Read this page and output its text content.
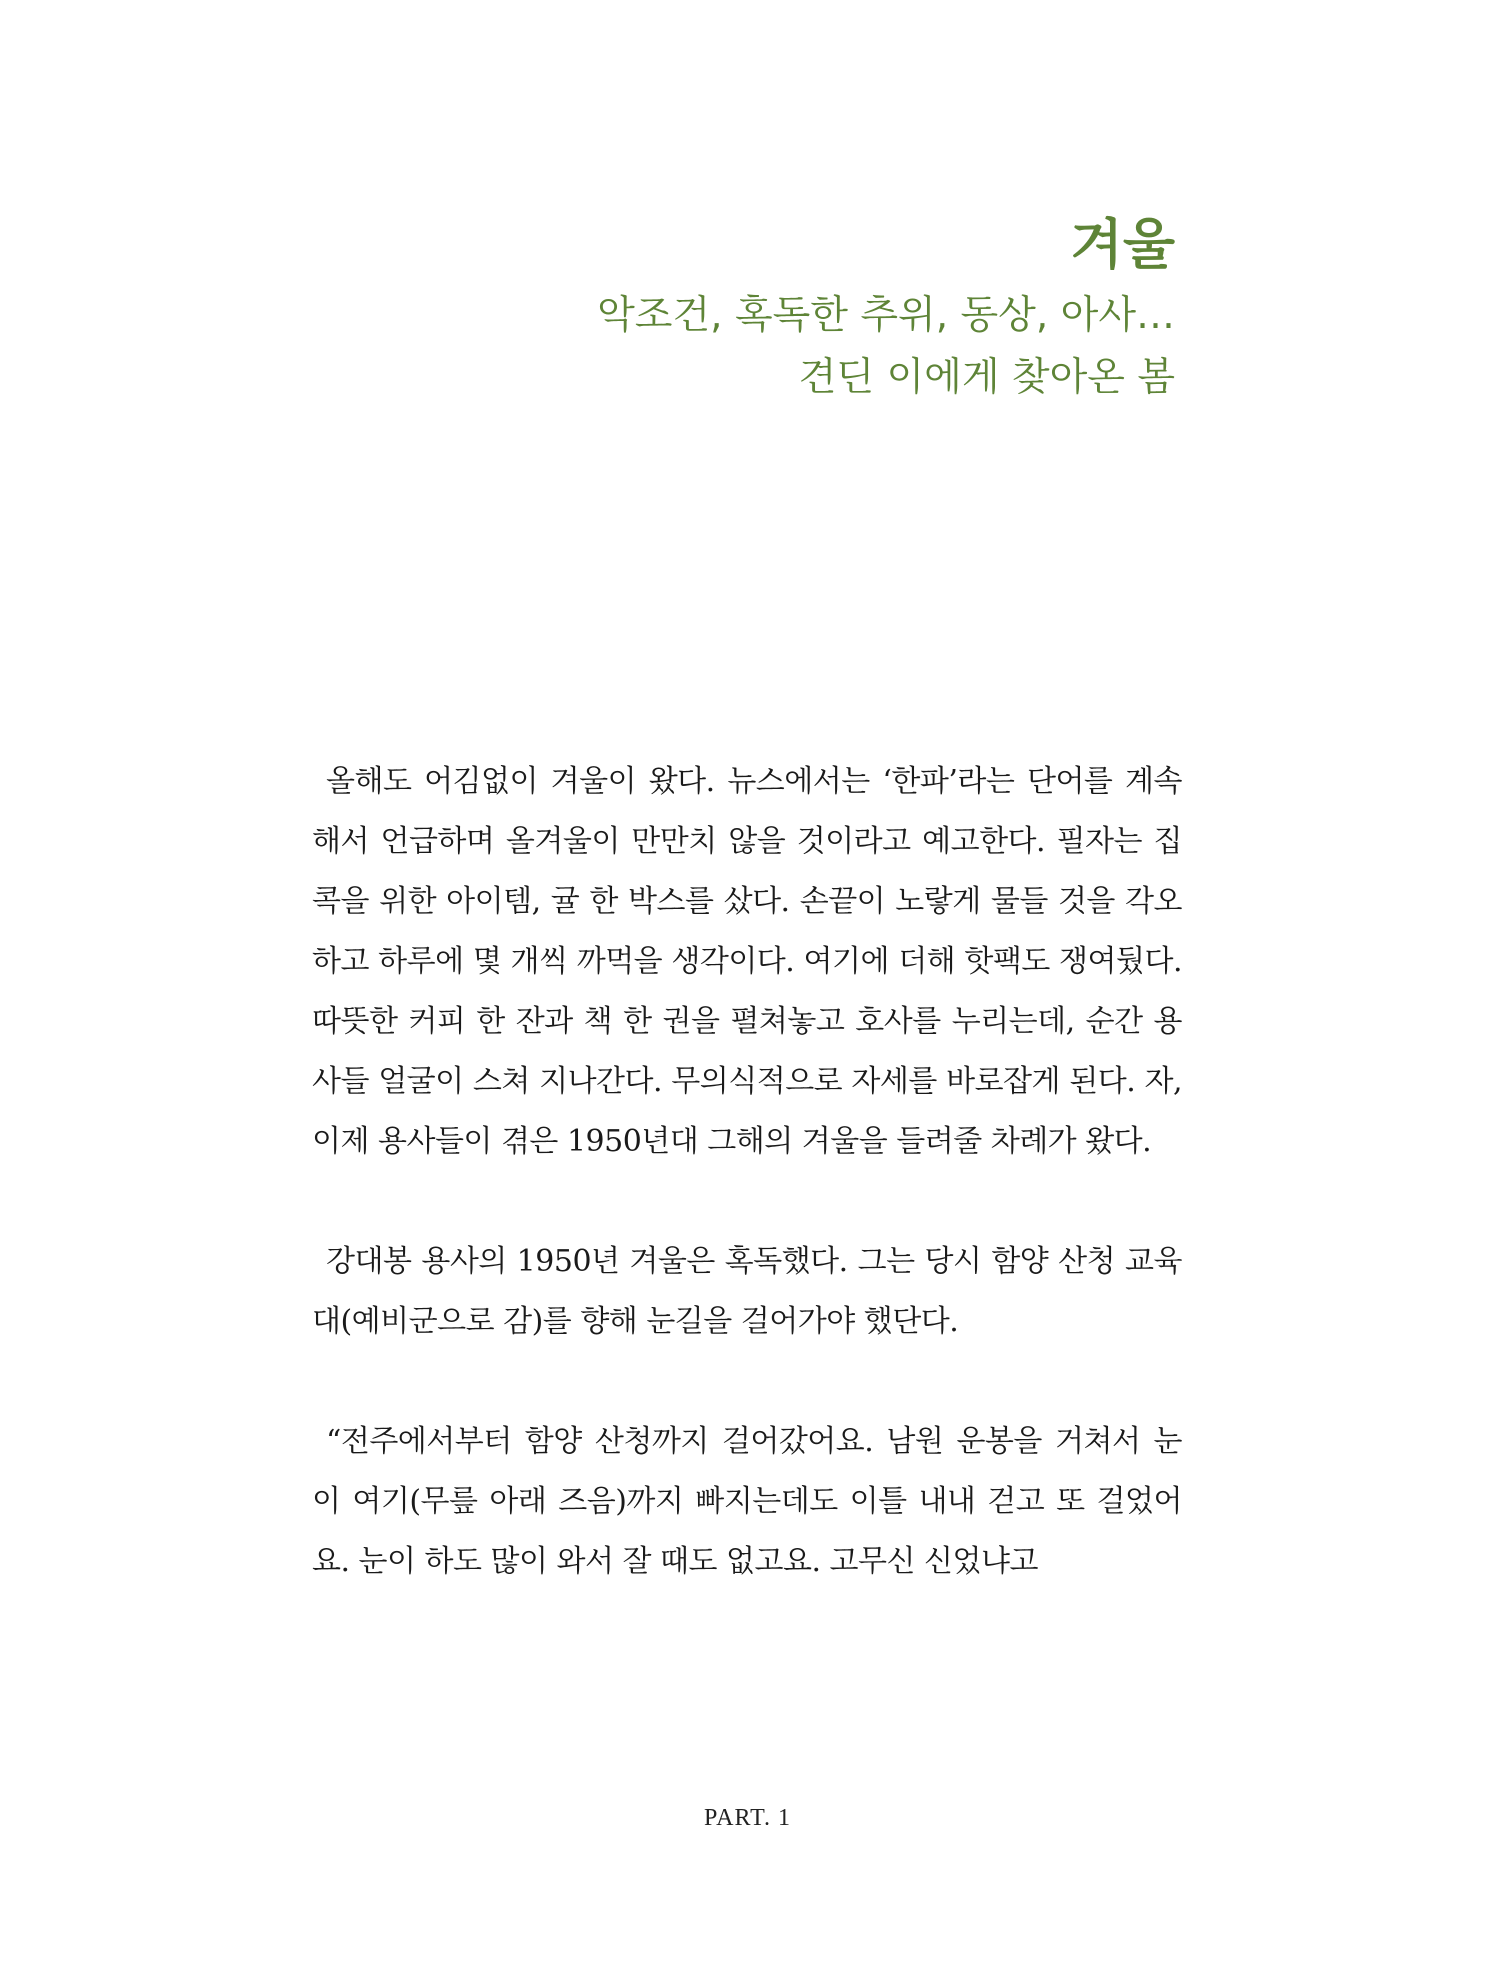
겨울

악조건, 혹독한 추위, 동상, 아사…

견딘 이에게 찾아온 봄

올해도 어김없이 겨울이 왔다. 뉴스에서는 ‘한파’라는 단어를 계속해서 언급하며 올겨울이 만만치 않을 것이라고 예고한다. 필자는 집콕을 위한 아이템, 귤 한 박스를 샀다. 손끝이 노랗게 물들 것을 각오하고 하루에 몇 개씩 까먹을 생각이다. 여기에 더해 핫팩도 쟁여뒀다. 따뜻한 커피 한 잔과 책 한 권을 펼쳐놓고 호사를 누리는데, 순간 용사들 얼굴이 스쳐 지나간다. 무의식적으로 자세를 바로잡게 된다. 자, 이제 용사들이 겪은 1950년대 그해의 겨울을 들려줄 차례가 왔다.

강대봉 용사의 1950년 겨울은 혹독했다. 그는 당시 함양 산청 교육대(예비군으로 감)를 향해 눈길을 걸어가야 했단다.

“전주에서부터 함양 산청까지 걸어갔어요. 남원 운봉을 거쳐서 눈이 여기(무릎 아래 즈음)까지 빠지는데도 이틀 내내 걷고 또 걸었어요. 눈이 하도 많이 와서 잘 때도 없고요. 고무신 신었냐고

PART. 1
